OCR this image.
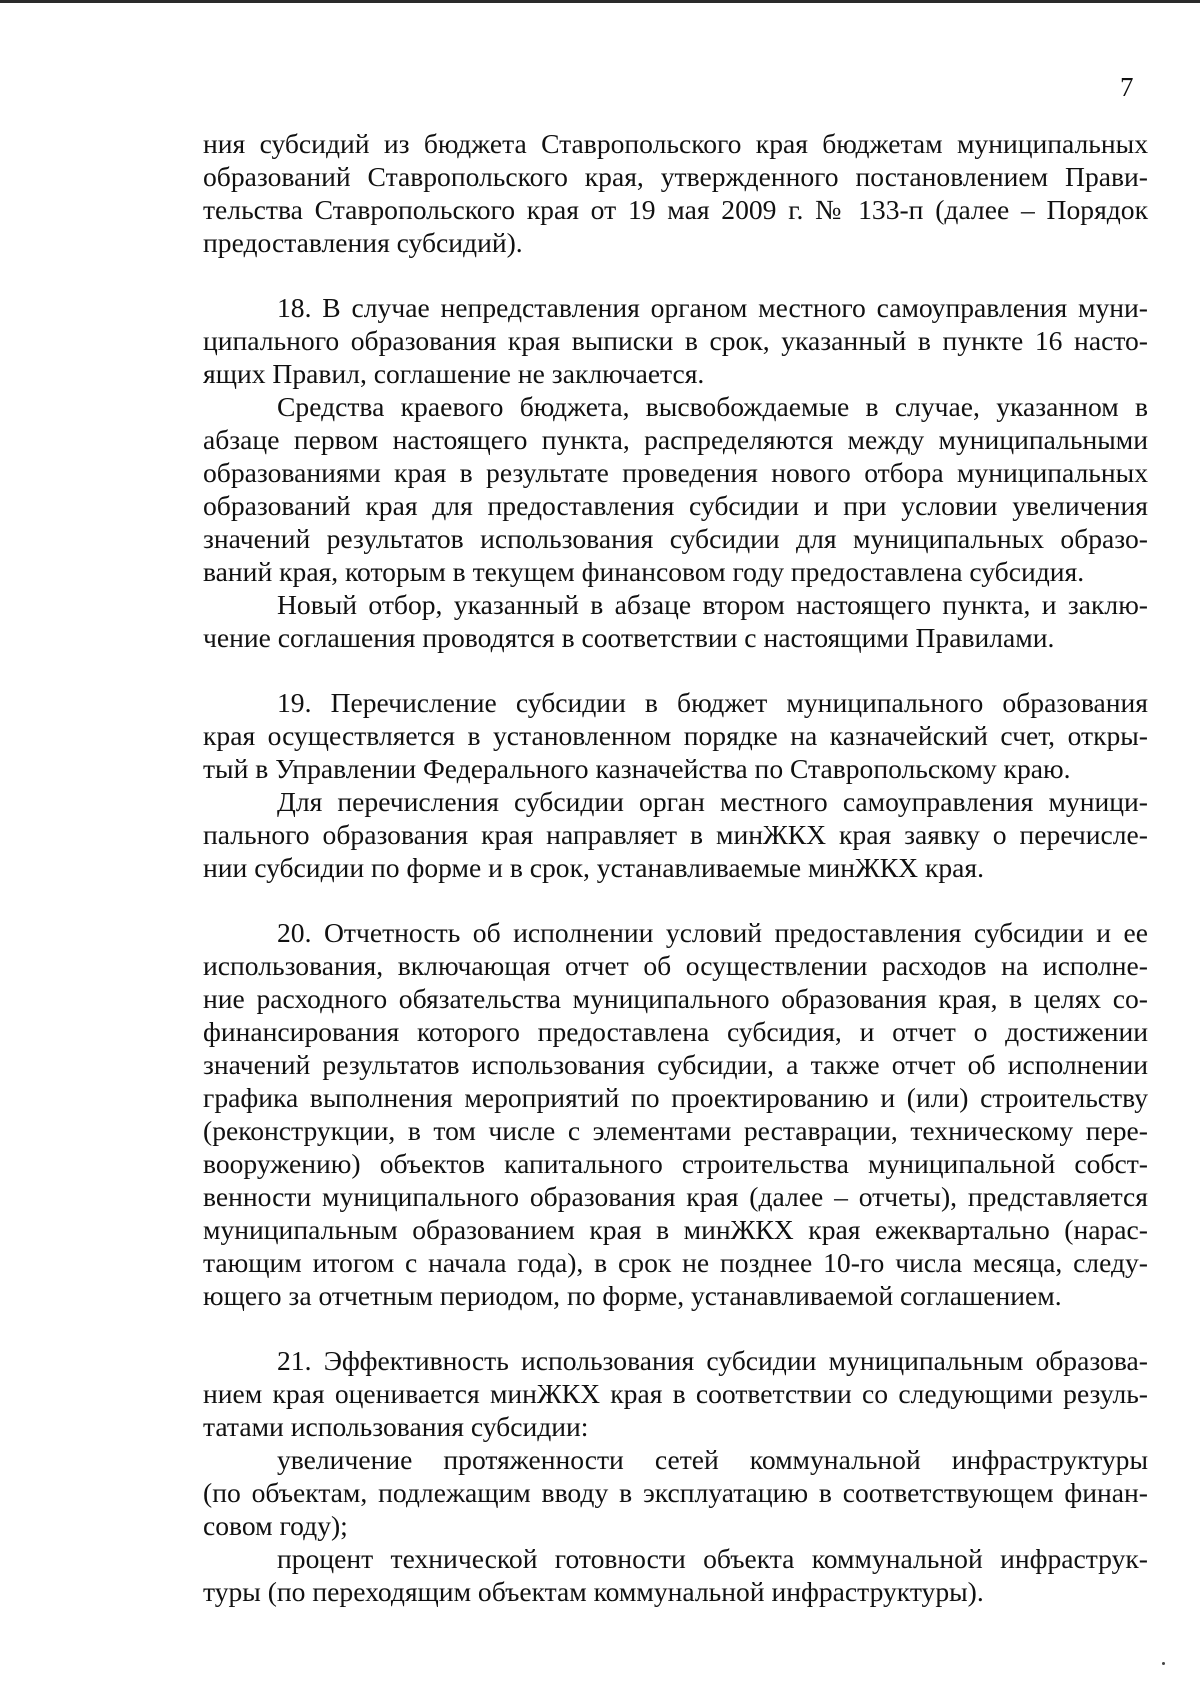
7
ния субсидий из бюджета Ставропольского края бюджетам муниципальных
образований Ставропольского края, утвержденного постановлением Прави-
тельства Ставропольского края от 19 мая 2009 г. № 133-п (далее – Порядок
предоставления субсидий).
18. В случае непредставления органом местного самоуправления муни-
ципального образования края выписки в срок, указанный в пункте 16 насто-
ящих Правил, соглашение не заключается.
Средства краевого бюджета, высвобождаемые в случае, указанном в
абзаце первом настоящего пункта, распределяются между муниципальными
образованиями края в результате проведения нового отбора муниципальных
образований края для предоставления субсидии и при условии увеличения
значений результатов использования субсидии для муниципальных образо-
ваний края, которым в текущем финансовом году предоставлена субсидия.
Новый отбор, указанный в абзаце втором настоящего пункта, и заклю-
чение соглашения проводятся в соответствии с настоящими Правилами.
19. Перечисление субсидии в бюджет муниципального образования
края осуществляется в установленном порядке на казначейский счет, откры-
тый в Управлении Федерального казначейства по Ставропольскому краю.
Для перечисления субсидии орган местного самоуправления муници-
пального образования края направляет в минЖКХ края заявку о перечисле-
нии субсидии по форме и в срок, устанавливаемые минЖКХ края.
20. Отчетность об исполнении условий предоставления субсидии и ее
использования, включающая отчет об осуществлении расходов на исполне-
ние расходного обязательства муниципального образования края, в целях со-
финансирования которого предоставлена субсидия, и отчет о достижении
значений результатов использования субсидии, а также отчет об исполнении
графика выполнения мероприятий по проектированию и (или) строительству
(реконструкции, в том числе с элементами реставрации, техническому пере-
вооружению) объектов капитального строительства муниципальной собст-
венности муниципального образования края (далее – отчеты), представляется
муниципальным образованием края в минЖКХ края ежеквартально (нарас-
тающим итогом с начала года), в срок не позднее 10-го числа месяца, следу-
ющего за отчетным периодом, по форме, устанавливаемой соглашением.
21. Эффективность использования субсидии муниципальным образова-
нием края оценивается минЖКХ края в соответствии со следующими резуль-
татами использования субсидии:
увеличение протяженности сетей коммунальной инфраструктуры
(по объектам, подлежащим вводу в эксплуатацию в соответствующем финан-
совом году);
процент технической готовности объекта коммунальной инфраструк-
туры (по переходящим объектам коммунальной инфраструктуры).
